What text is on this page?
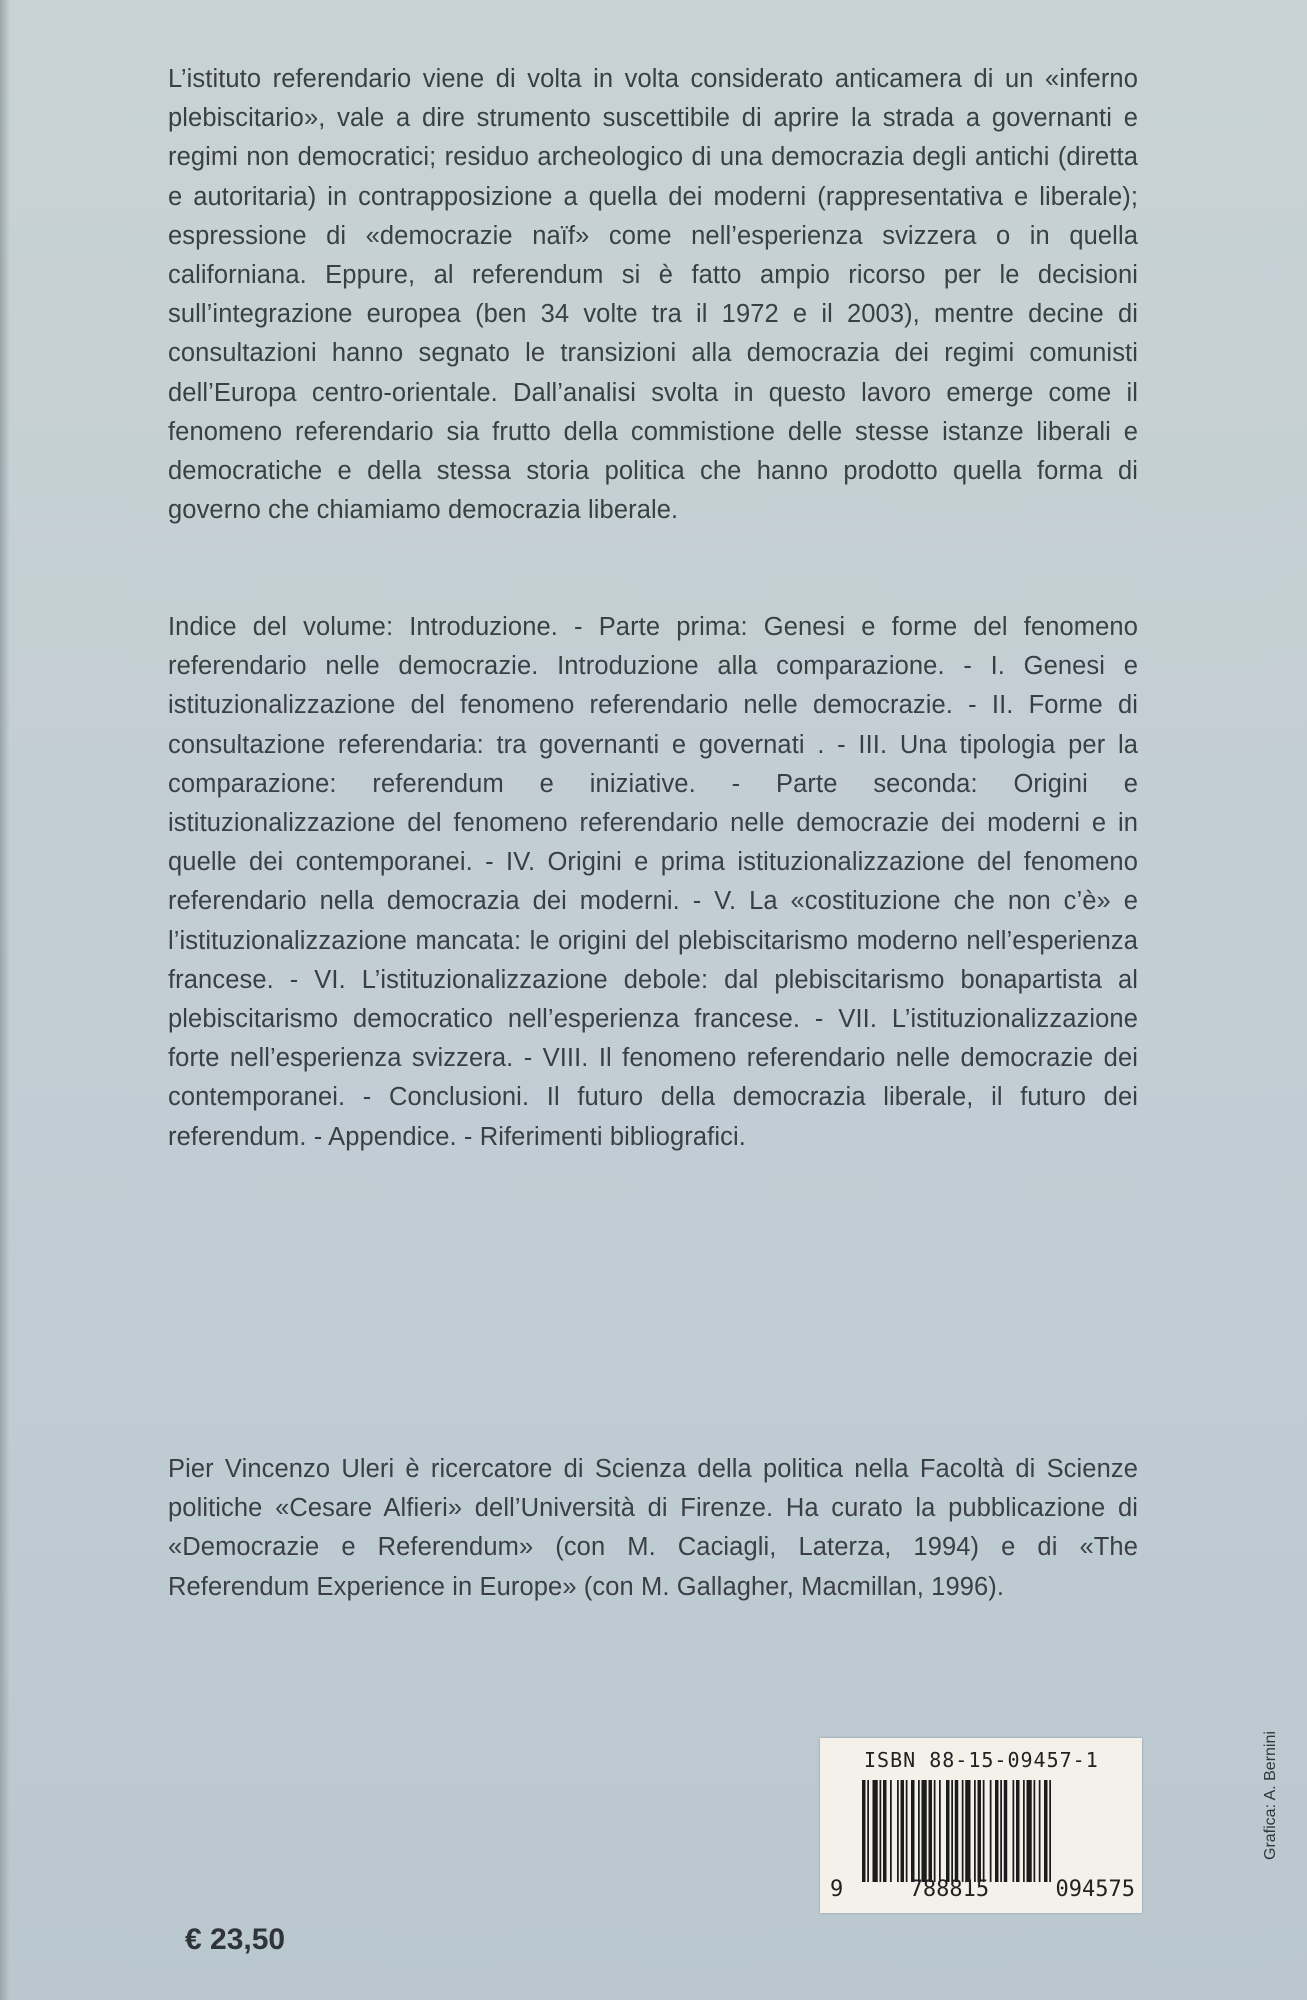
L’istituto referendario viene di volta in volta considerato anticamera di un «inferno plebiscitario», vale a dire strumento suscettibile di aprire la strada a governanti e regimi non democratici; residuo archeologico di una democrazia degli antichi (diretta e autoritaria) in contrapposizione a quella dei moderni (rappresentativa e liberale); espressione di «democrazie naïf» come nell’esperienza svizzera o in quella californiana. Eppure, al referendum si è fatto ampio ricorso per le decisioni sull’integrazione europea (ben 34 volte tra il 1972 e il 2003), mentre decine di consultazioni hanno segnato le transizioni alla democrazia dei regimi comunisti dell’Europa centro-orientale. Dall’analisi svolta in questo lavoro emerge come il fenomeno referendario sia frutto della commistione delle stesse istanze liberali e democratiche e della stessa storia politica che hanno prodotto quella forma di governo che chiamiamo democrazia liberale.

Indice del volume: Introduzione. - Parte prima: Genesi e forme del fenomeno referendario nelle democrazie. Introduzione alla comparazione. - I. Genesi e istituzionalizzazione del fenomeno referendario nelle democrazie. - II. Forme di consultazione referendaria: tra governanti e governati . - III. Una tipologia per la comparazione: referendum e iniziative. - Parte seconda: Origini e istituzionalizzazione del fenomeno referendario nelle democrazie dei moderni e in quelle dei contemporanei. - IV. Origini e prima istituzionalizzazione del fenomeno referendario nella democrazia dei moderni. - V. La «costituzione che non c’è» e l’istituzionalizzazione mancata: le origini del plebiscitarismo moderno nell’esperienza francese. - VI. L’istituzionalizzazione debole: dal plebiscitarismo bonapartista al plebiscitarismo democratico nell’esperienza francese. - VII. L’istituzionalizzazione forte nell’esperienza svizzera. - VIII. Il fenomeno referendario nelle democrazie dei contemporanei. - Conclusioni. Il futuro della democrazia liberale, il futuro dei referendum. - Appendice. - Riferimenti bibliografici.

Pier Vincenzo Uleri è ricercatore di Scienza della politica nella Facoltà di Scienze politiche «Cesare Alfieri» dell’Università di Firenze. Ha curato la pubblicazione di «Democrazie e Referendum» (con M. Caciagli, Laterza, 1994) e di «The Referendum Experience in Europe» (con M. Gallagher, Macmillan, 1996).

ISBN 88-15-09457-1
9	788815	094575
€ 23,50
Grafica: A. Bernini
